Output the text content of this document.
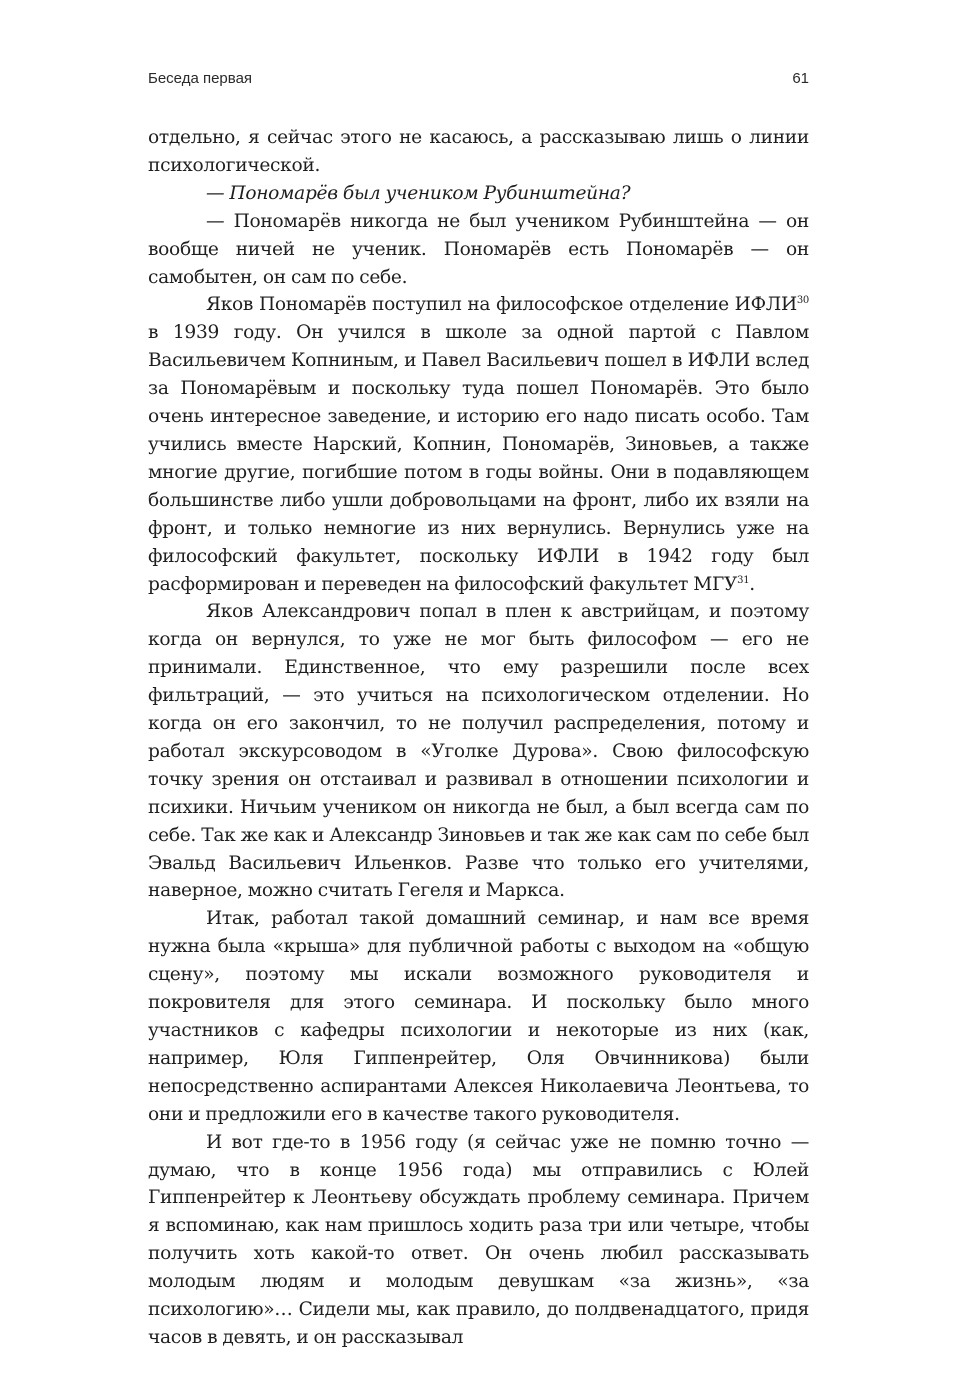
Беседа первая	61

отдельно, я сейчас этого не касаюсь, а рассказываю лишь о линии психологической.

— Пономарёв был учеником Рубинштейна?

— Пономарёв никогда не был учеником Рубинштейна — он вообще ничей не ученик. Пономарёв есть Пономарёв — он самобытен, он сам по себе.

Яков Пономарёв поступил на философское отделение ИФЛИ$^{30}$ в 1939 году. Он учился в школе за одной партой с Павлом Васильевичем Копниным, и Павел Васильевич пошел в ИФЛИ вслед за Пономарёвым и поскольку туда пошел Пономарёв. Это было очень интересное заведение, и историю его надо писать особо. Там учились вместе Нарский, Копнин, Пономарёв, Зиновьев, а также многие другие, погибшие потом в годы войны. Они в подавляющем большинстве либо ушли добровольцами на фронт, либо их взяли на фронт, и только немногие из них вернулись. Вернулись уже на философский факультет, поскольку ИФЛИ в 1942 году был расформирован и переведен на философский факультет МГУ$^{31}$.

Яков Александрович попал в плен к австрийцам, и поэтому когда он вернулся, то уже не мог быть философом — его не принимали. Единственное, что ему разрешили после всех фильтраций, — это учиться на психологическом отделении. Но когда он его закончил, то не получил распределения, потому и работал экскурсоводом в «Уголке Дурова». Свою философскую точку зрения он отстаивал и развивал в отношении психологии и психики. Ничьим учеником он никогда не был, а был всегда сам по себе. Так же как и Александр Зиновьев и так же как сам по себе был Эвальд Васильевич Ильенков. Разве что только его учителями, наверное, можно считать Гегеля и Маркса.

Итак, работал такой домашний семинар, и нам все время нужна была «крыша» для публичной работы с выходом на «общую сцену», поэтому мы искали возможного руководителя и покровителя для этого семинара. И поскольку было много участников с кафедры психологии и некоторые из них (как, например, Юля Гиппенрейтер, Оля Овчинникова) были непосредственно аспирантами Алексея Николаевича Леонтьева, то они и предложили его в качестве такого руководителя.

И вот где-то в 1956 году (я сейчас уже не помню точно — думаю, что в конце 1956 года) мы отправились с Юлей Гиппенрейтер к Леонтьеву обсуждать проблему семинара. Причем я вспоминаю, как нам пришлось ходить раза три или четыре, чтобы получить хоть какой-то ответ. Он очень любил рассказывать молодым людям и молодым девушкам «за жизнь», «за психологию»… Сидели мы, как правило, до полдвенадцатого, придя часов в девять, и он рассказывал
